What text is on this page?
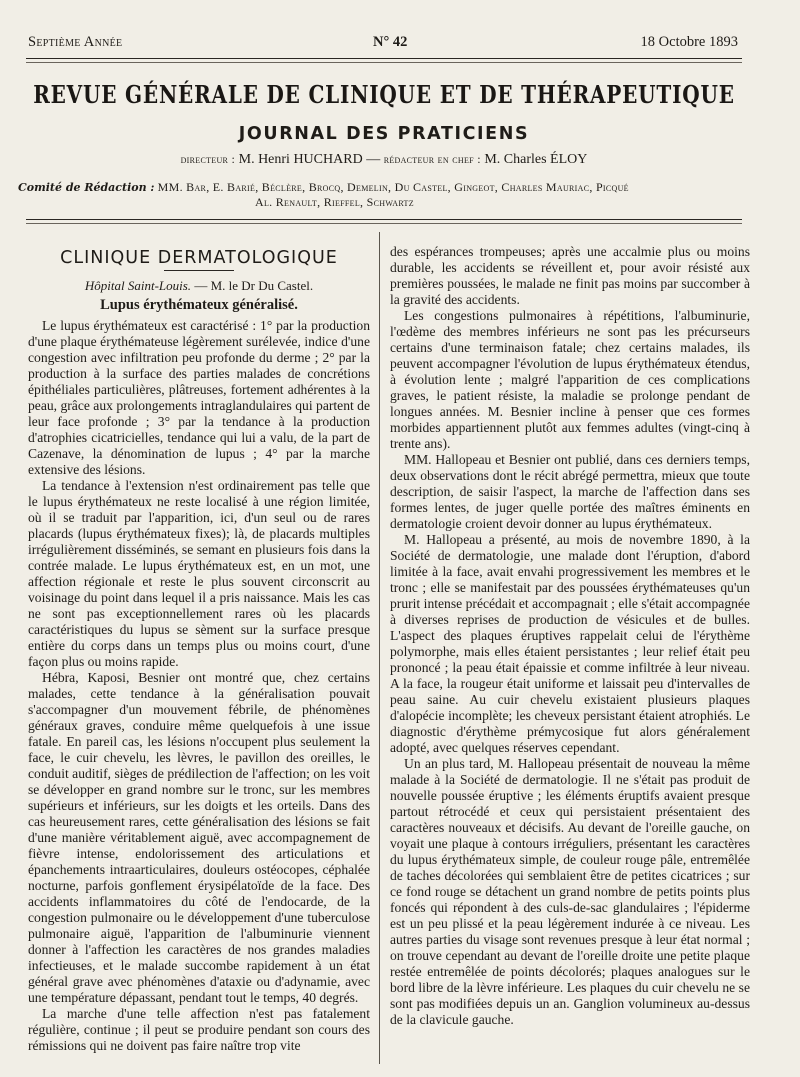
Septième Année	N° 42	18 Octobre 1893
REVUE GÉNÉRALE DE CLINIQUE ET DE THÉRAPEUTIQUE
JOURNAL DES PRATICIENS
directeur : M. Henri HUCHARD — rédacteur en chef : M. Charles ÉLOY
Comité de Rédaction : MM. Bar, E. Barié, Béclère, Brocq, Demelin, Du Castel, Gingeot, Charles Mauriac, Picqué
Al. Renault, Rieffel, Schwartz
CLINIQUE DERMATOLOGIQUE
Hôpital Saint-Louis. — M. le Dr Du Castel.
Lupus érythémateux généralisé.

Le lupus érythémateux est caractérisé : 1° par la production d'une plaque érythémateuse légèrement surélevée, indice d'une congestion avec infiltration peu profonde du derme ; 2° par la production à la surface des parties malades de concrétions épithéliales particulières, plâtreuses, fortement adhérentes à la peau, grâce aux prolongements intraglandulaires qui partent de leur face profonde ; 3° par la tendance à la production d'atrophies cicatricielles, tendance qui lui a valu, de la part de Cazenave, la dénomination de lupus ; 4° par la marche extensive des lésions.

La tendance à l'extension n'est ordinairement pas telle que le lupus érythémateux ne reste localisé à une région limitée, où il se traduit par l'apparition, ici, d'un seul ou de rares placards (lupus érythémateux fixes); là, de placards multiples irrégulièrement disséminés, se semant en plusieurs fois dans la contrée malade. Le lupus érythémateux est, en un mot, une affection régionale et reste le plus souvent circonscrit au voisinage du point dans lequel il a pris naissance. Mais les cas ne sont pas exceptionnellement rares où les placards caractéristiques du lupus se sèment sur la surface presque entière du corps dans un temps plus ou moins court, d'une façon plus ou moins rapide.

Hébra, Kaposi, Besnier ont montré que, chez certains malades, cette tendance à la généralisation pouvait s'accompagner d'un mouvement fébrile, de phénomènes généraux graves, conduire même quelquefois à une issue fatale. En pareil cas, les lésions n'occupent plus seulement la face, le cuir chevelu, les lèvres, le pavillon des oreilles, le conduit auditif, sièges de prédilection de l'affection; on les voit se développer en grand nombre sur le tronc, sur les membres supérieurs et inférieurs, sur les doigts et les orteils. Dans des cas heureusement rares, cette généralisation des lésions se fait d'une manière véritablement aiguë, avec accompagnement de fièvre intense, endolorissement des articulations et épanchements intraarticulaires, douleurs ostéocopes, céphalée nocturne, parfois gonflement érysipélatoïde de la face. Des accidents inflammatoires du côté de l'endocarde, de la congestion pulmonaire ou le développement d'une tuberculose pulmonaire aiguë, l'apparition de l'albuminurie viennent donner à l'affection les caractères de nos grandes maladies infectieuses, et le malade succombe rapidement à un état général grave avec phénomènes d'ataxie ou d'adynamie, avec une température dépassant, pendant tout le temps, 40 degrés.

La marche d'une telle affection n'est pas fatalement régulière, continue ; il peut se produire pendant son cours des rémissions qui ne doivent pas faire naître trop vite

des espérances trompeuses; après une accalmie plus ou moins durable, les accidents se réveillent et, pour avoir résisté aux premières poussées, le malade ne finit pas moins par succomber à la gravité des accidents.

Les congestions pulmonaires à répétitions, l'albuminurie, l'œdème des membres inférieurs ne sont pas les précurseurs certains d'une terminaison fatale; chez certains malades, ils peuvent accompagner l'évolution de lupus érythémateux étendus, à évolution lente ; malgré l'apparition de ces complications graves, le patient résiste, la maladie se prolonge pendant de longues années. M. Besnier incline à penser que ces formes morbides appartiennent plutôt aux femmes adultes (vingt-cinq à trente ans).

MM. Hallopeau et Besnier ont publié, dans ces derniers temps, deux observations dont le récit abrégé permettra, mieux que toute description, de saisir l'aspect, la marche de l'affection dans ses formes lentes, de juger quelle portée des maîtres éminents en dermatologie croient devoir donner au lupus érythémateux.

M. Hallopeau a présenté, au mois de novembre 1890, à la Société de dermatologie, une malade dont l'éruption, d'abord limitée à la face, avait envahi progressivement les membres et le tronc ; elle se manifestait par des poussées érythémateuses qu'un prurit intense précédait et accompagnait ; elle s'était accompagnée à diverses reprises de production de vésicules et de bulles. L'aspect des plaques éruptives rappelait celui de l'érythème polymorphe, mais elles étaient persistantes ; leur relief était peu prononcé ; la peau était épaissie et comme infiltrée à leur niveau. A la face, la rougeur était uniforme et laissait peu d'intervalles de peau saine. Au cuir chevelu existaient plusieurs plaques d'alopécie incomplète; les cheveux persistant étaient atrophiés. Le diagnostic d'érythème prémycosique fut alors généralement adopté, avec quelques réserves cependant.

Un an plus tard, M. Hallopeau présentait de nouveau la même malade à la Société de dermatologie. Il ne s'était pas produit de nouvelle poussée éruptive ; les éléments éruptifs avaient presque partout rétrocédé et ceux qui persistaient présentaient des caractères nouveaux et décisifs. Au devant de l'oreille gauche, on voyait une plaque à contours irréguliers, présentant les caractères du lupus érythémateux simple, de couleur rouge pâle, entremêlée de taches décolorées qui semblaient être de petites cicatrices ; sur ce fond rouge se détachent un grand nombre de petits points plus foncés qui répondent à des culs-de-sac glandulaires ; l'épiderme est un peu plissé et la peau légèrement indurée à ce niveau. Les autres parties du visage sont revenues presque à leur état normal ; on trouve cependant au devant de l'oreille droite une petite plaque restée entremêlée de points décolorés; plaques analogues sur le bord libre de la lèvre inférieure. Les plaques du cuir chevelu ne se sont pas modifiées depuis un an. Ganglion volumineux au-dessus de la clavicule gauche.
